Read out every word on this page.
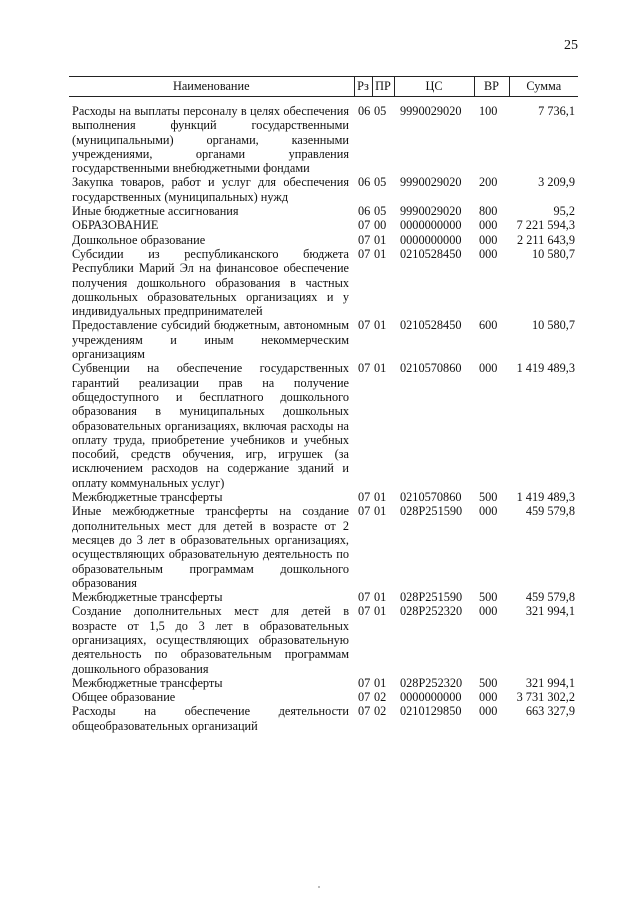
25
Наименование	Рз	ПР	ЦС	ВР	Сумма
Расходы на выплаты персоналу в целях обеспечения выполнения функций государственными (муниципальными) органами, казенными учреждениями, органами управления государственными внебюджетными фондами	06	05	9990029020	100	7 736,1
Закупка товаров, работ и услуг для обеспечения государственных (муниципальных) нужд	06	05	9990029020	200	3 209,9
Иные бюджетные ассигнования	06	05	9990029020	800	95,2
ОБРАЗОВАНИЕ	07	00	0000000000	000	7 221 594,3
Дошкольное образование	07	01	0000000000	000	2 211 643,9
Субсидии из республиканского бюджета Республики Марий Эл на финансовое обеспечение получения дошкольного образования в частных дошкольных образовательных организациях и у индивидуальных предпринимателей	07	01	0210528450	000	10 580,7
Предоставление субсидий бюджетным, автономным учреждениям и иным некоммерческим организациям	07	01	0210528450	600	10 580,7
Субвенции на обеспечение государственных гарантий реализации прав на получение общедоступного и бесплатного дошкольного образования в муниципальных дошкольных образовательных организациях, включая расходы на оплату труда, приобретение учебников и учебных пособий, средств обучения, игр, игрушек (за исключением расходов на содержание зданий и оплату коммунальных услуг)	07	01	0210570860	000	1 419 489,3
Межбюджетные трансферты	07	01	0210570860	500	1 419 489,3
Иные межбюджетные трансферты на создание дополнительных мест для детей в возрасте от 2 месяцев до 3 лет в образовательных организациях, осуществляющих образовательную деятельность по образовательным программам дошкольного образования	07	01	028P251590	000	459 579,8
Межбюджетные трансферты	07	01	028P251590	500	459 579,8
Создание дополнительных мест для детей в возрасте от 1,5 до 3 лет в образовательных организациях, осуществляющих образовательную деятельность по образовательным программам дошкольного образования	07	01	028P252320	000	321 994,1
Межбюджетные трансферты	07	01	028P252320	500	321 994,1
Общее образование	07	02	0000000000	000	3 731 302,2
Расходы на обеспечение деятельности общеобразовательных организаций	07	02	0210129850	000	663 327,9
